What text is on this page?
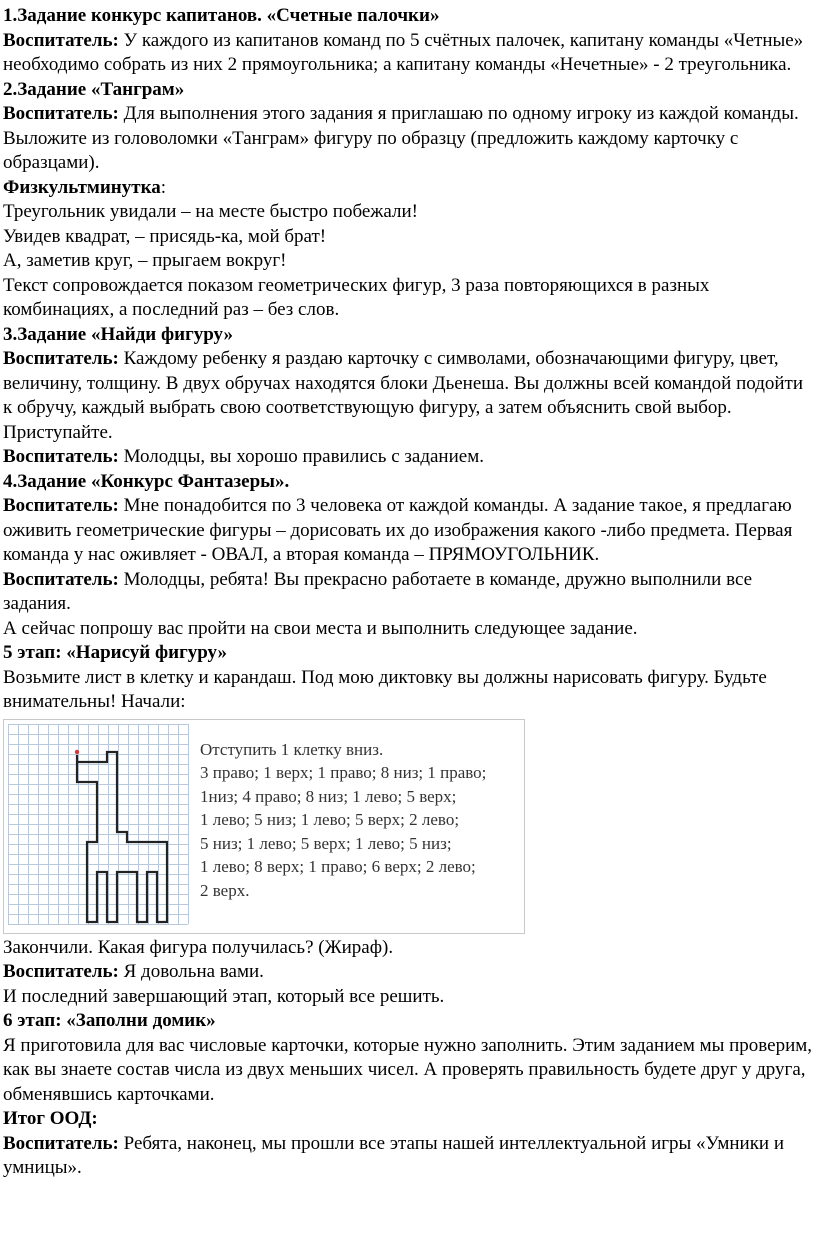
1.Задание конкурс капитанов. «Счетные палочки»
Воспитатель: У каждого из капитанов команд по 5 счётных палочек, капитану команды «Четные» необходимо собрать из них 2 прямоугольника; а капитану команды «Нечетные» - 2 треугольника.

2.Задание «Танграм»
Воспитатель: Для выполнения этого задания я приглашаю по одному игроку из каждой команды.
Выложите из головоломки «Танграм» фигуру по образцу (предложить каждому карточку с образцами).

Физкультминутка:
Треугольник увидали – на месте быстро побежали!
Увидев квадрат, – присядь-ка, мой брат!
А, заметив круг, – прыгаем вокруг!
Текст сопровождается показом геометрических фигур, 3 раза повторяющихся в разных комбинациях, а последний раз – без слов.

3.Задание «Найди фигуру»
Воспитатель: Каждому ребенку я раздаю карточку с символами, обозначающими фигуру, цвет, величину, толщину. В двух обручах находятся блоки Дьенеша. Вы должны всей командой подойти к обручу, каждый выбрать свою соответствующую фигуру, а затем объяснить свой выбор. Приступайте.
Воспитатель: Молодцы, вы хорошо правились с заданием.

4.Задание «Конкурс Фантазеры».
Воспитатель: Мне понадобится по 3 человека от каждой команды. А задание такое, я предлагаю оживить геометрические фигуры – дорисовать их до изображения какого -либо предмета. Первая команда у нас оживляет - ОВАЛ, а вторая команда – ПРЯМОУГОЛЬНИК.
Воспитатель: Молодцы, ребята! Вы прекрасно работаете в команде, дружно выполнили все задания.
А сейчас попрошу вас пройти на свои места и выполнить следующее задание.

5 этап: «Нарисуй фигуру»
Возьмите лист в клетку и карандаш. Под мою диктовку вы должны нарисовать фигуру. Будьте внимательны! Начали:

Отступить 1 клетку вниз.
3 право; 1 верх; 1 право; 8 низ; 1 право;
1низ; 4 право; 8 низ; 1 лево; 5 верх;
1 лево; 5 низ; 1 лево; 5 верх; 2 лево;
5 низ; 1 лево; 5 верх; 1 лево; 5 низ;
1 лево; 8 верх; 1 право; 6 верх; 2 лево;
2 верх.

Закончили. Какая фигура получилась? (Жираф).
Воспитатель: Я довольна вами.
И последний завершающий этап, который все решить.

6 этап: «Заполни домик»
Я приготовила для вас числовые карточки, которые нужно заполнить. Этим заданием мы проверим, как вы знаете состав числа из двух меньших чисел. А проверять правильность будете друг у друга, обменявшись карточками.

Итог ООД:
Воспитатель: Ребята, наконец, мы прошли все этапы нашей интеллектуальной игры «Умники и умницы».
